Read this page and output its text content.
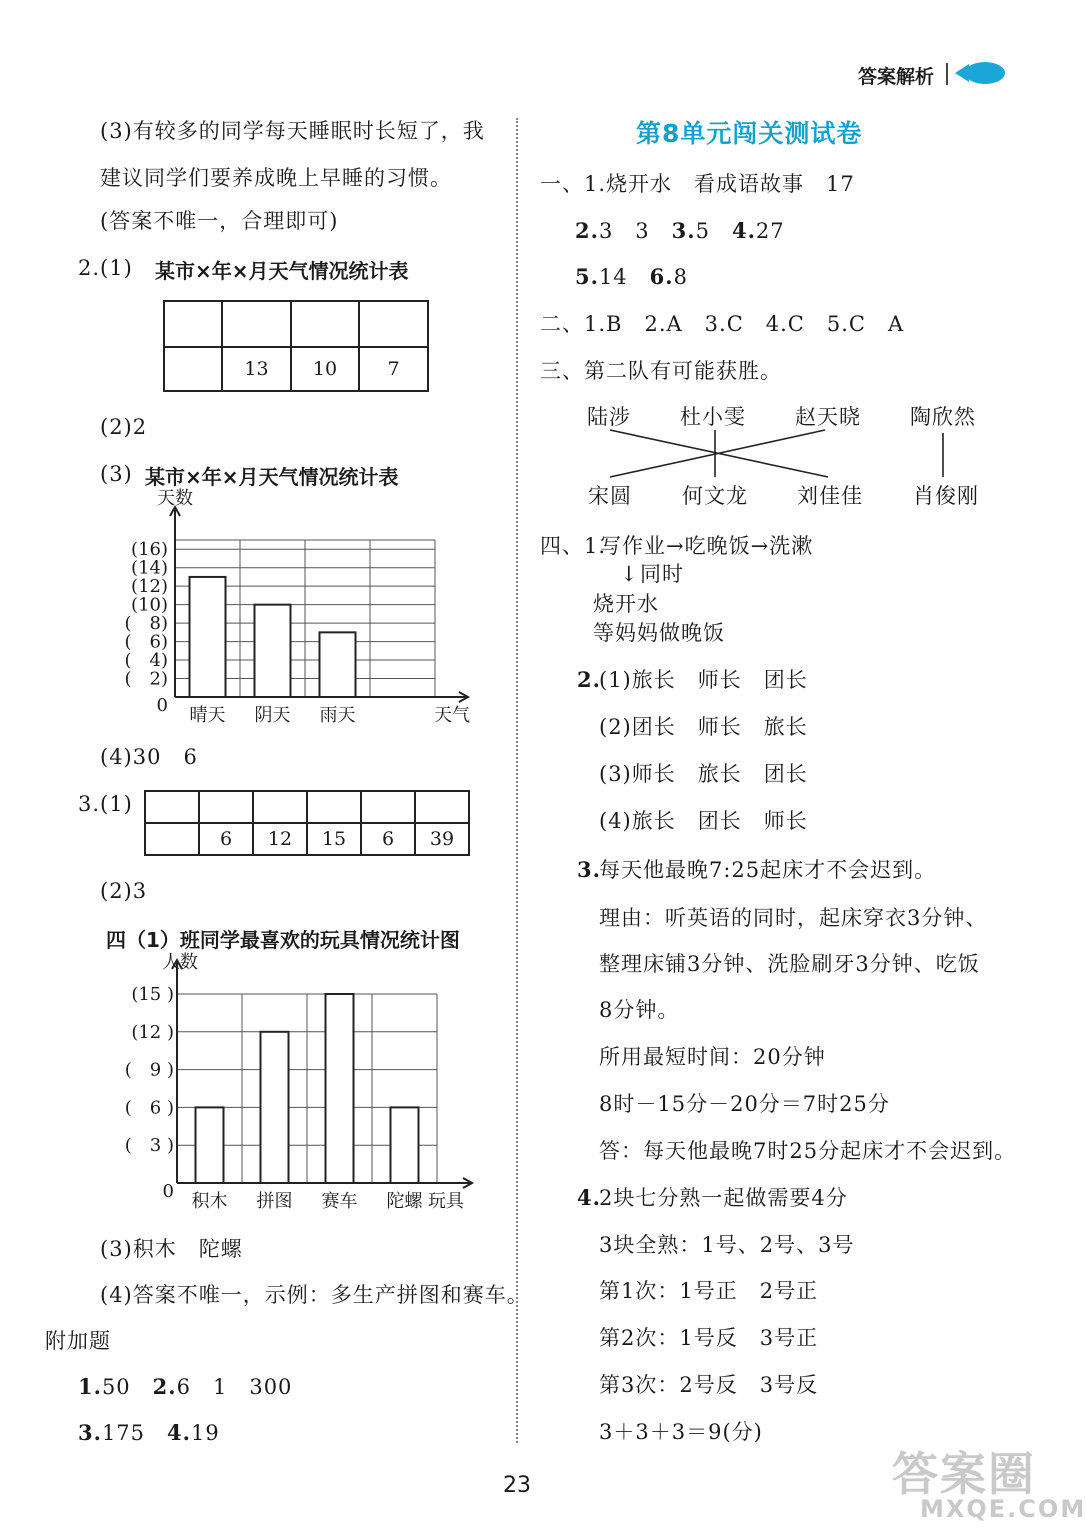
答案解析
(3)有较多的同学每天睡眠时长短了，我
建议同学们要养成晚上早睡的习惯。
(答案不唯一，合理即可)
2.(1) 某市×年×月天气情况统计表

	13	10	7
(2)2
(3) 某市×年×月天气情况统计表
晴天 阴天 雨天
0
(　2)
(　4)
(　6)
(　8)
(10)
(12)
(14)
(16)
天数
天气
(4)30　6
3.(1)

	6	12	15	6	39
(2)3
四（1）班同学最喜欢的玩具情况统计图
积木 拼图 赛车 陀螺
0
(　3 )
(　6 )
(　9 )
(12 )
(15 )
人数
玩具
(3)积木　陀螺
(4)答案不唯一，示例：多生产拼图和赛车。
附加题
1.50　2.6　1　300
3.175　4.19
第8单元闯关测试卷
一、1.烧开水　看成语故事　17
2.3　3　3.5　4.27
5.14　6.8
二、1.B　2.A　3.C　4.C　5.C　A
三、第二队有可能获胜。
陆涉 杜小雯 赵天晓 陶欣然
宋圆 何文龙 刘佳佳 肖俊刚
四、1.
写作业→吃晚饭→洗漱
↓ 同时
烧开水
等妈妈做晚饭
2.
(1)旅长　师长　团长
(2)团长　师长　旅长
(3)师长　旅长　团长
(4)旅长　团长　师长
3.
每天他最晚7:25起床才不会迟到。
理由：听英语的同时，起床穿衣3分钟、
整理床铺3分钟、洗脸刷牙3分钟、吃饭
8分钟。
所用最短时间：20分钟
8时－15分－20分＝7时25分
答：每天他最晚7时25分起床才不会迟到。
4.
2块七分熟一起做需要4分
3块全熟：1号、2号、3号
第1次：1号正　2号正
第2次：1号反　3号正
第3次：2号反　3号反
3＋3＋3＝9(分)
23	答案圈
MXQE.COM
